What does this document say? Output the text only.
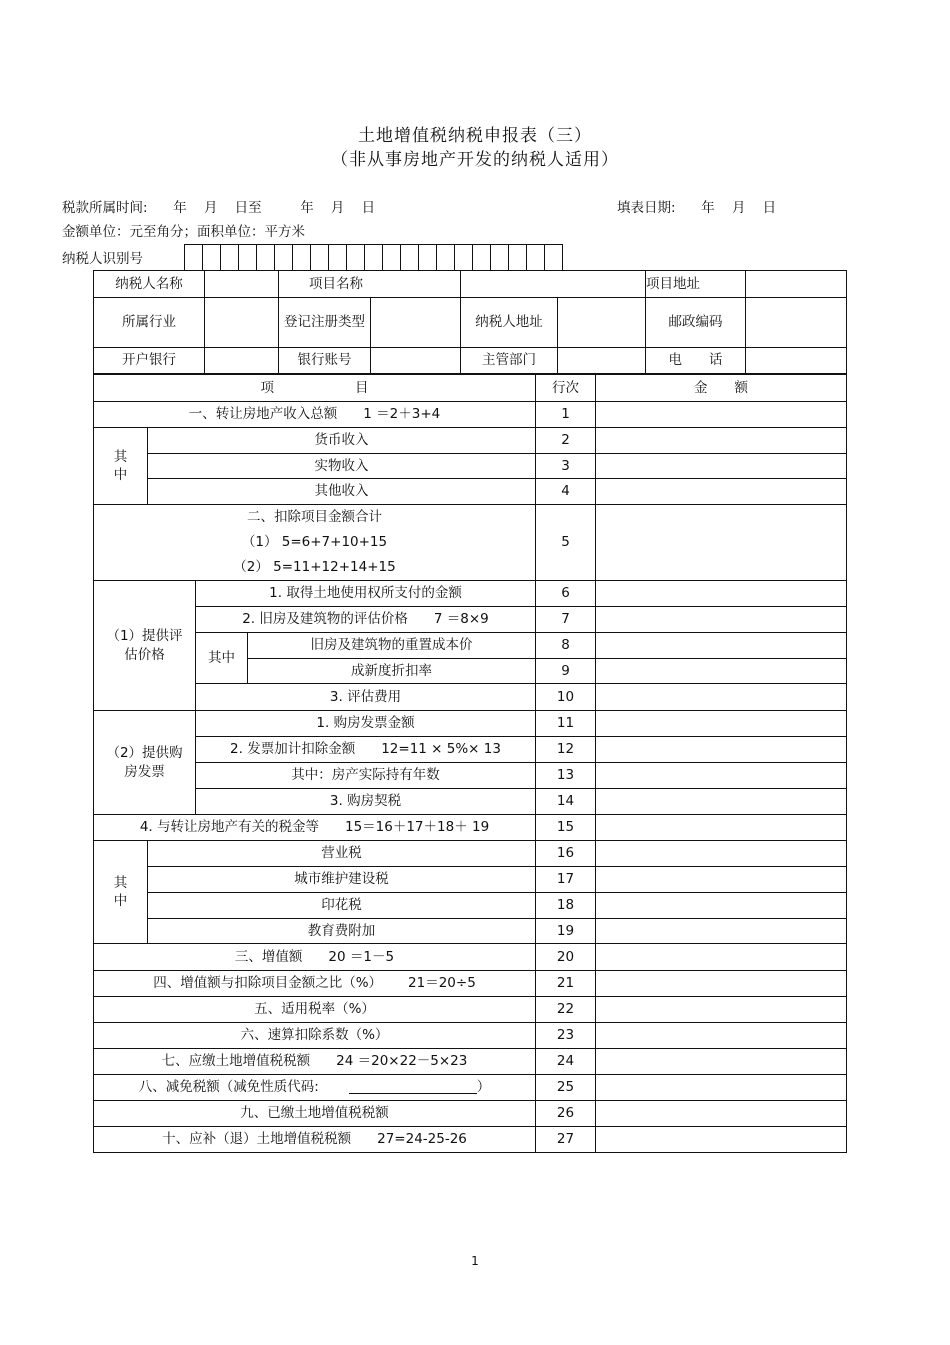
土地增值税纳税申报表（三）
（非从事房地产开发的纳税人适用）
税款所属时间:      年    月    日至         年    月    日	填表日期:      年    月    日
金额单位：元至角分；面积单位：平方米
纳税人识别号
纳税人名称		项目名称				项目地址	
所属行业		登记注册类型		纳税人地址		邮政编码	
开户银行		银行账号		主管部门		电　　话	
项　　　　　　目				行次	金　　额
一、转让房地产收入总额 1 ＝2＋3+4				1	
其
中	货币收入			2	
	实物收入			3	
	其他收入			4	

二、扣除项目金额合计
（1） 5=6+7+10+15
（2） 5=11+12+14+15				5	
（1）提供评估价格		1. 取得土地使用权所支付的金额		6	
		2. 旧房及建筑物的评估价格 7 ＝8×9		7	
		其中	旧房及建筑物的重置成本价	8	
			成新度折扣率	9	
		3. 评估费用		10	
（2）提供购房发票		1. 购房发票金额		11	
		2. 发票加计扣除金额 12=11 × 5%× 13		12	
		其中：房产实际持有年数		13	
		3. 购房契税		14	
4. 与转让房地产有关的税金等 15＝16＋17＋18＋ 19				15	
其
中	营业税			16	
	城市维护建设税			17	
	印花税			18	
	教育费附加			19	
三、增值额 20 ＝1－5				20	
四、增值额与扣除项目金额之比（%） 21＝20÷5				21	
五、适用税率（%）				22	
六、速算扣除系数（%）				23	
七、应缴土地增值税税额 24 ＝20×22－5×23				24	
八、减免税额（减免性质代码: ）				25	
九、已缴土地增值税税额				26	
十、应补（退）土地增值税税额 27=24-25-26				27	
1
